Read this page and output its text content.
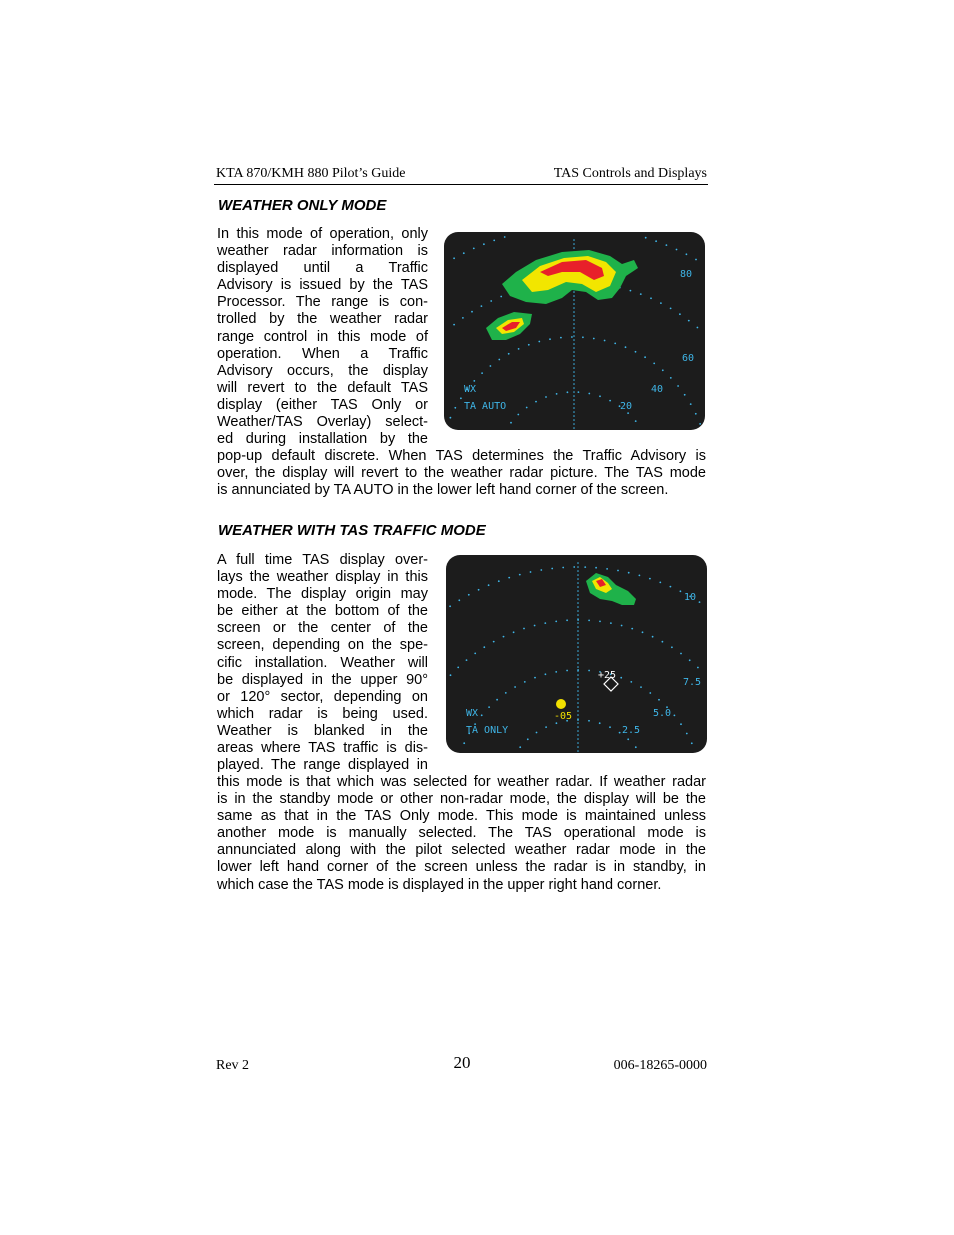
KTA 870/KMH 880 Pilot’s Guide	TAS Controls and Displays
WEATHER ONLY MODE
In this mode of operation, only
weather radar information is
displayed until a Traffic
Advisory is issued by the TAS
Processor. The range is con-
trolled by the weather radar
range control in this mode of
operation. When a Traffic
Advisory occurs, the display
will revert to the default TAS
display (either TAS Only or
Weather/TAS Overlay) select-
ed during installation by the
pop-up default discrete. When TAS determines the Traffic Advisory is
over, the display will revert to the weather radar picture. The TAS mode
is annunciated by TA AUTO in the lower left hand corner of the screen.
80
60
40
20
WX
TA AUTO
WEATHER WITH TAS TRAFFIC MODE
A full time TAS display over-
lays the weather display in this
mode. The display origin may
be either at the bottom of the
screen or the center of the
screen, depending on the spe-
cific installation. Weather will
be displayed in the upper 90°
or 120° sector, depending on
which radar is being used.
Weather is blanked in the
areas where TAS traffic is dis-
played. The range displayed in
this mode is that which was selected for weather radar. If weather radar
is in the standby mode or other non-radar mode, the display will be the
same as that in the TAS Only mode. This mode is maintained unless
another mode is manually selected. The TAS operational mode is
annunciated along with the pilot selected weather radar mode in the
lower left hand corner of the screen unless the radar is in standby, in
which case the TAS mode is displayed in the upper right hand corner.
+25
-05
10
7.5
5.0
2.5
WX
TA ONLY
Rev 2	20	006-18265-0000
